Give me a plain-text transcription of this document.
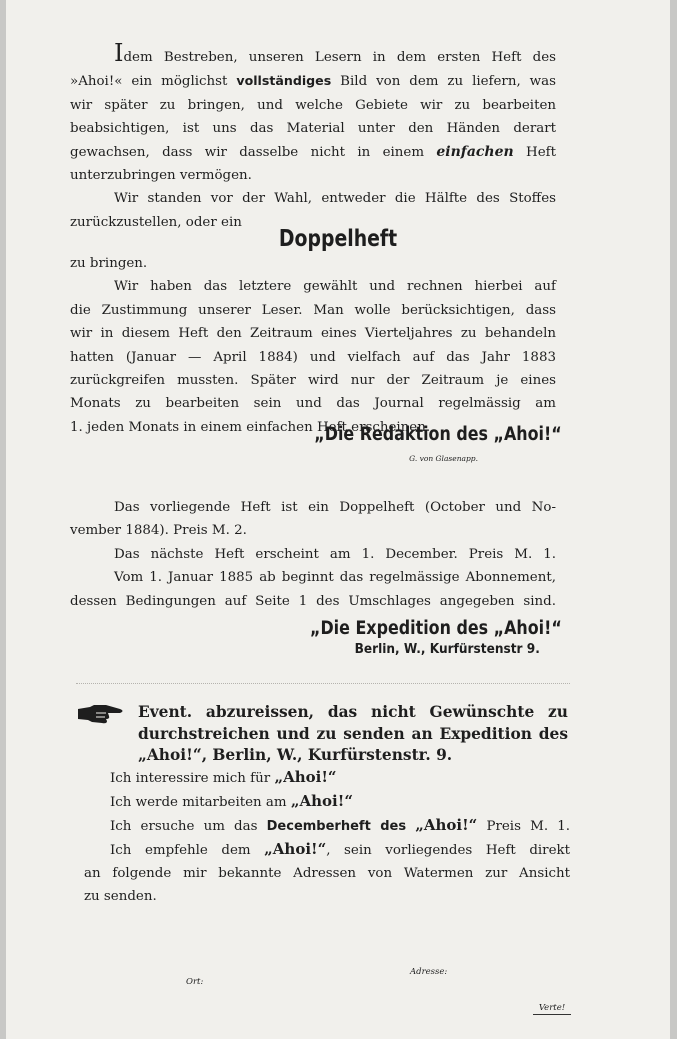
Idem Bestreben, unseren Lesern in dem ersten Heft des
»Ahoi!« ein möglichst vollständiges Bild von dem zu liefern, was
wir später zu bringen, und welche Gebiete wir zu bearbeiten
beabsichtigen, ist uns das Material unter den Händen derart
gewachsen, dass wir dasselbe nicht in einem einfachen Heft
unterzubringen vermögen.
Wir standen vor der Wahl, entweder die Hälfte des Stoffes
zurückzustellen, oder ein
Doppelheft
zu bringen.
Wir haben das letztere gewählt und rechnen hierbei auf
die Zustimmung unserer Leser. Man wolle berücksichtigen, dass
wir in diesem Heft den Zeitraum eines Vierteljahres zu behandeln
hatten (Januar — April 1884) und vielfach auf das Jahr 1883
zurückgreifen mussten. Später wird nur der Zeitraum je eines
Monats zu bearbeiten sein und das Journal regelmässig am
1. jeden Monats in einem einfachen Heft erscheinen.
„Die Redaktion des „Ahoi!“
G. von Glasenapp.
Das vorliegende Heft ist ein Doppelheft (October und No-
vember 1884). Preis M. 2.
Das nächste Heft erscheint am 1. December. Preis M. 1.
Vom 1. Januar 1885 ab beginnt das regelmässige Abonnement,
dessen Bedingungen auf Seite 1 des Umschlages angegeben sind.
„Die Expedition des „Ahoi!“
Berlin, W., Kurfürstenstr 9.
Event. abzureissen, das nicht Gewünschte zu
durchstreichen und zu senden an Expedition des
„Ahoi!“, Berlin, W., Kurfürstenstr. 9.
Ich interessire mich für „Ahoi!“
Ich werde mitarbeiten am „Ahoi!“
Ich ersuche um das Decemberheft des „Ahoi!“ Preis M. 1.
Ich empfehle dem „Ahoi!“, sein vorliegendes Heft direkt
an folgende mir bekannte Adressen von Watermen zur Ansicht
zu senden.
Ort:
Adresse:
Verte!
